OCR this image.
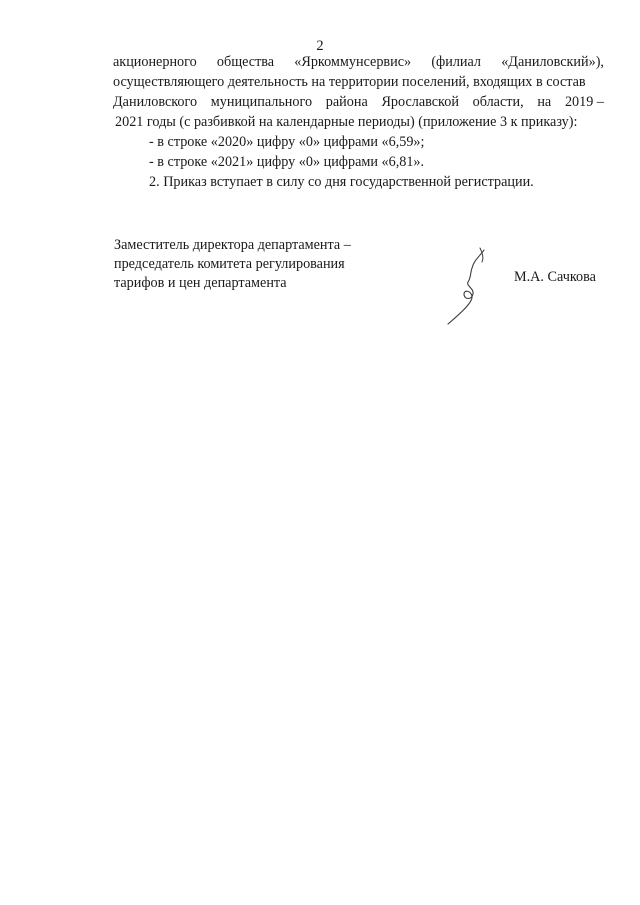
2
акционерного общества «Яркоммунсервис» (филиал «Даниловский»),
осуществляющего деятельность на территории поселений, входящих в состав
Даниловского муниципального района Ярославской области, на 2019 –
2021 годы (с разбивкой на календарные периоды) (приложение 3 к приказу):
- в строке «2020» цифру «0» цифрами «6,59»;
- в строке «2021» цифру «0» цифрами «6,81».
2. Приказ вступает в силу со дня государственной регистрации.
Заместитель директора департамента –
председатель комитета регулирования
тарифов и цен департамента	М.А. Сачкова
